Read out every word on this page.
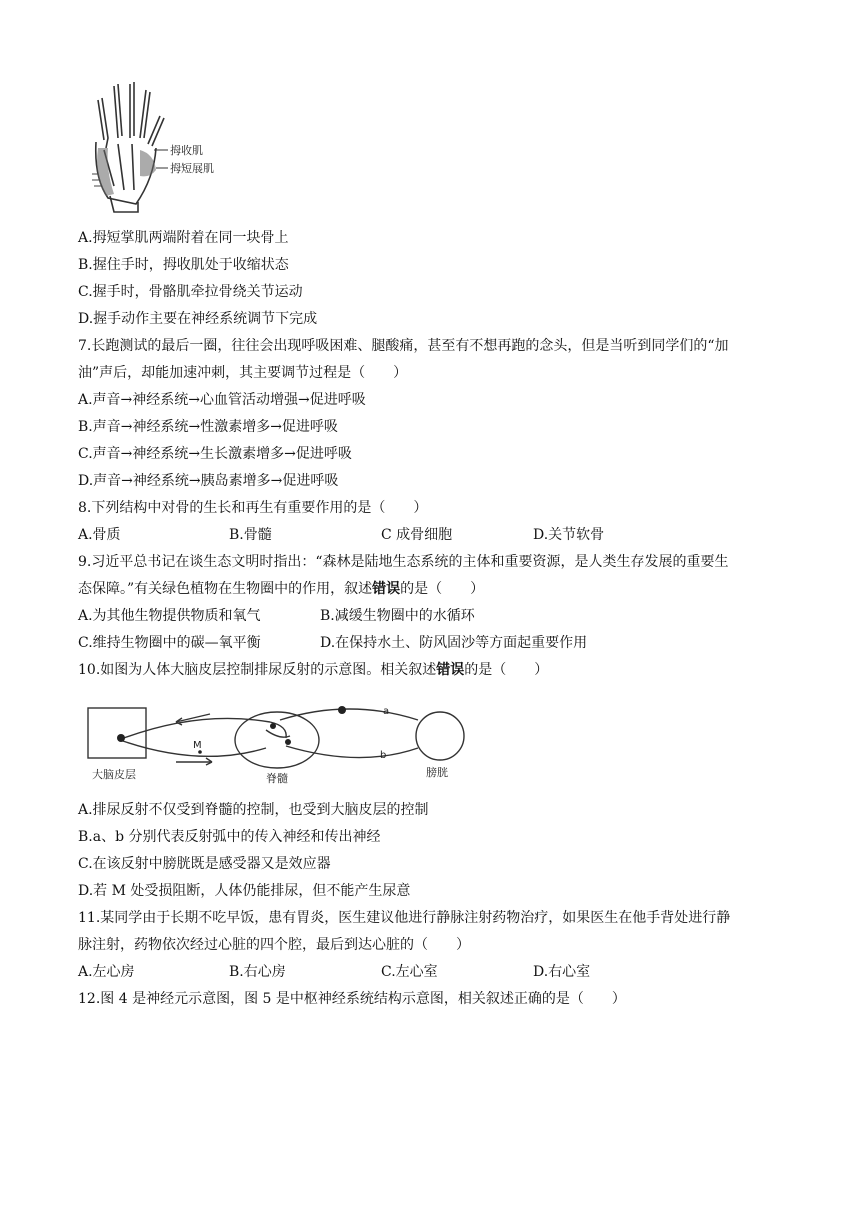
拇收肌
拇短展肌
A.拇短掌肌两端附着在同一块骨上
B.握住手时，拇收肌处于收缩状态
C.握手时，骨骼肌牵拉骨绕关节运动
D.握手动作主要在神经系统调节下完成
7.长跑测试的最后一圈，往往会出现呼吸困难、腿酸痛，甚至有不想再跑的念头，但是当听到同学们的“加
油”声后，却能加速冲刺，其主要调节过程是（　　）
A.声音→神经系统→心血管活动增强→促进呼吸
B.声音→神经系统→性激素增多→促进呼吸
C.声音→神经系统→生长激素增多→促进呼吸
D.声音→神经系统→胰岛素增多→促进呼吸
8.下列结构中对骨的生长和再生有重要作用的是（　　）
A.骨质	B.骨髓	C 成骨细胞	D.关节软骨
9.习近平总书记在谈生态文明时指出：“森林是陆地生态系统的主体和重要资源，是人类生存发展的重要生
态保障。”有关绿色植物在生物圈中的作用，叙述错误的是（　　）
A.为其他生物提供物质和氧气	B.减缓生物圈中的水循环
C.维持生物圈中的碳—氧平衡	D.在保持水土、防风固沙等方面起重要作用
10.如图为人体大脑皮层控制排尿反射的示意图。相关叙述错误的是（　　）
a
b
M
大脑皮层	脊髓	膀胱
A.排尿反射不仅受到脊髓的控制，也受到大脑皮层的控制
B.a、b 分别代表反射弧中的传入神经和传出神经
C.在该反射中膀胱既是感受器又是效应器
D.若 M 处受损阻断，人体仍能排尿，但不能产生尿意
11.某同学由于长期不吃早饭，患有胃炎，医生建议他进行静脉注射药物治疗，如果医生在他手背处进行静
脉注射，药物依次经过心脏的四个腔，最后到达心脏的（　　）
A.左心房	B.右心房	C.左心室	D.右心室
12.图 4 是神经元示意图，图 5 是中枢神经系统结构示意图，相关叙述正确的是（　　）
